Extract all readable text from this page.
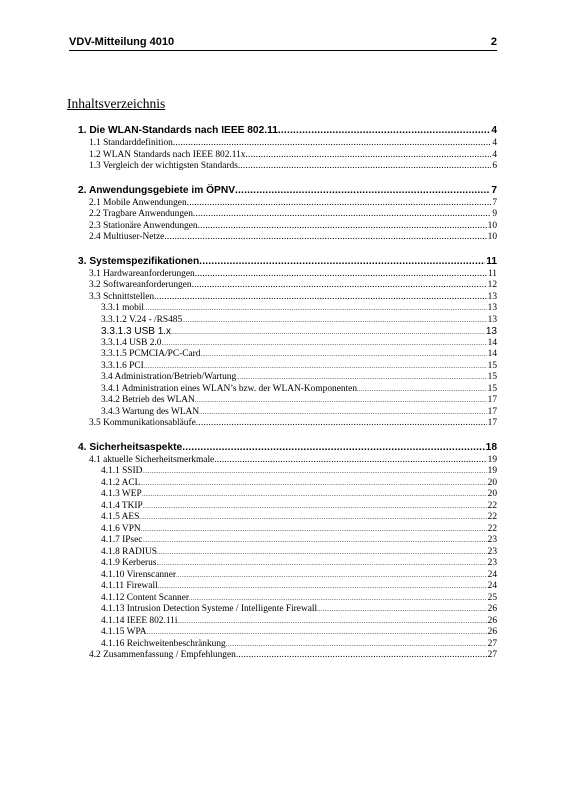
VDV-Mitteilung 4010	2
Inhaltsverzeichnis
1. Die WLAN-Standards nach IEEE 802.11 .....	4
1.1 Standarddefinition .....	4
1.2 WLAN Standards nach IEEE 802.11x .....	4
1.3 Vergleich der wichtigsten Standards .....	6
2. Anwendungsgebiete im ÖPNV .....	7
2.1 Mobile Anwendungen .....	7
2.2 Tragbare Anwendungen .....	9
2.3 Stationäre Anwendungen .....	10
2.4 Multiuser-Netze .....	10
3. Systemspezifikationen .....	11
3.1 Hardwareanforderungen .....	11
3.2 Softwareanforderungen .....	12
3.3 Schnittstellen .....	13
3.3.1 mobil .....	13
3.3.1.2 V.24 - /RS485 .....	13
3.3.1.3 USB 1.x .....	13
3.3.1.4 USB 2.0 .....	14
3.3.1.5 PCMCIA/PC-Card .....	14
3.3.1.6 PCI .....	15
3.4 Administration/Betrieb/Wartung .....	15
3.4.1 Administration eines WLAN’s bzw. der WLAN-Komponenten .....	15
3.4.2 Betrieb des WLAN .....	17
3.4.3 Wartung des WLAN .....	17
3.5 Kommunikationsabläufe .....	17
4. Sicherheitsaspekte .....	18
4.1 aktuelle Sicherheitsmerkmale .....	19
4.1.1 SSID .....	19
4.1.2 ACL .....	20
4.1.3 WEP .....	20
4.1.4 TKIP .....	22
4.1.5 AES .....	22
4.1.6 VPN .....	22
4.1.7 IPsec .....	23
4.1.8 RADIUS .....	23
4.1.9 Kerberus .....	23
4.1.10 Virenscanner .....	24
4.1.11 Firewall .....	24
4.1.12 Content Scanner .....	25
4.1.13 Intrusion Detection Systeme / Intelligente Firewall .....	26
4.1.14 IEEE 802.11i .....	26
4.1.15 WPA .....	26
4.1.16 Reichweitenbeschränkung .....	27
4.2 Zusammenfassung / Empfehlungen .....	27
